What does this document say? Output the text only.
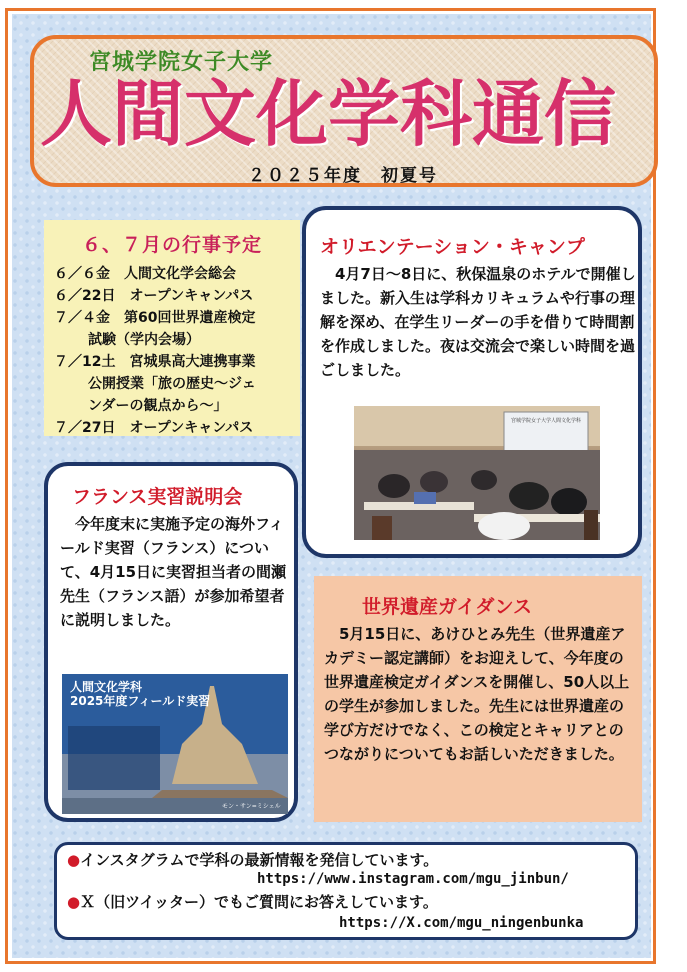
宮城学院女子大学
人間文化学科通信
２０２５年度　初夏号
６、７月の行事予定
６／６金　人間文化学会総会
６／22日　オープンキャンパス
７／４金　第60回世界遺産検定
試験（学内会場）
７／12土　宮城県高大連携事業
公開授業「旅の歴史～ジェ
ンダーの観点から～」
７／27日　オープンキャンパス
オリエンテーション・キャンプ
　4月7日～8日に、秋保温泉のホテルで開催しました。新入生は学科カリキュラムや行事の理解を深め、在学生リーダーの手を借りて時間割を作成しました。夜は交流会で楽しい時間を過ごしました。
宮城学院女子大学人間文化学科
フランス実習説明会
　今年度末に実施予定の海外フィールド実習（フランス）について、4月15日に実習担当者の間瀬先生（フランス語）が参加希望者に説明しました。
モン・サン=ミシェル
人間文化学科
2025年度フィールド実習
世界遺産ガイダンス
　5月15日に、あけひとみ先生（世界遺産アカデミー認定講師）をお迎えして、今年度の世界遺産検定ガイダンスを開催し、50人以上の学生が参加しました。先生には世界遺産の学び方だけでなく、この検定とキャリアとのつながりについてもお話しいただきました。
●インスタグラムで学科の最新情報を発信しています。
https://www.instagram.com/mgu_jinbun/
●Ｘ（旧ツイッター）でもご質問にお答えしています。
https://X.com/mgu_ningenbunka
